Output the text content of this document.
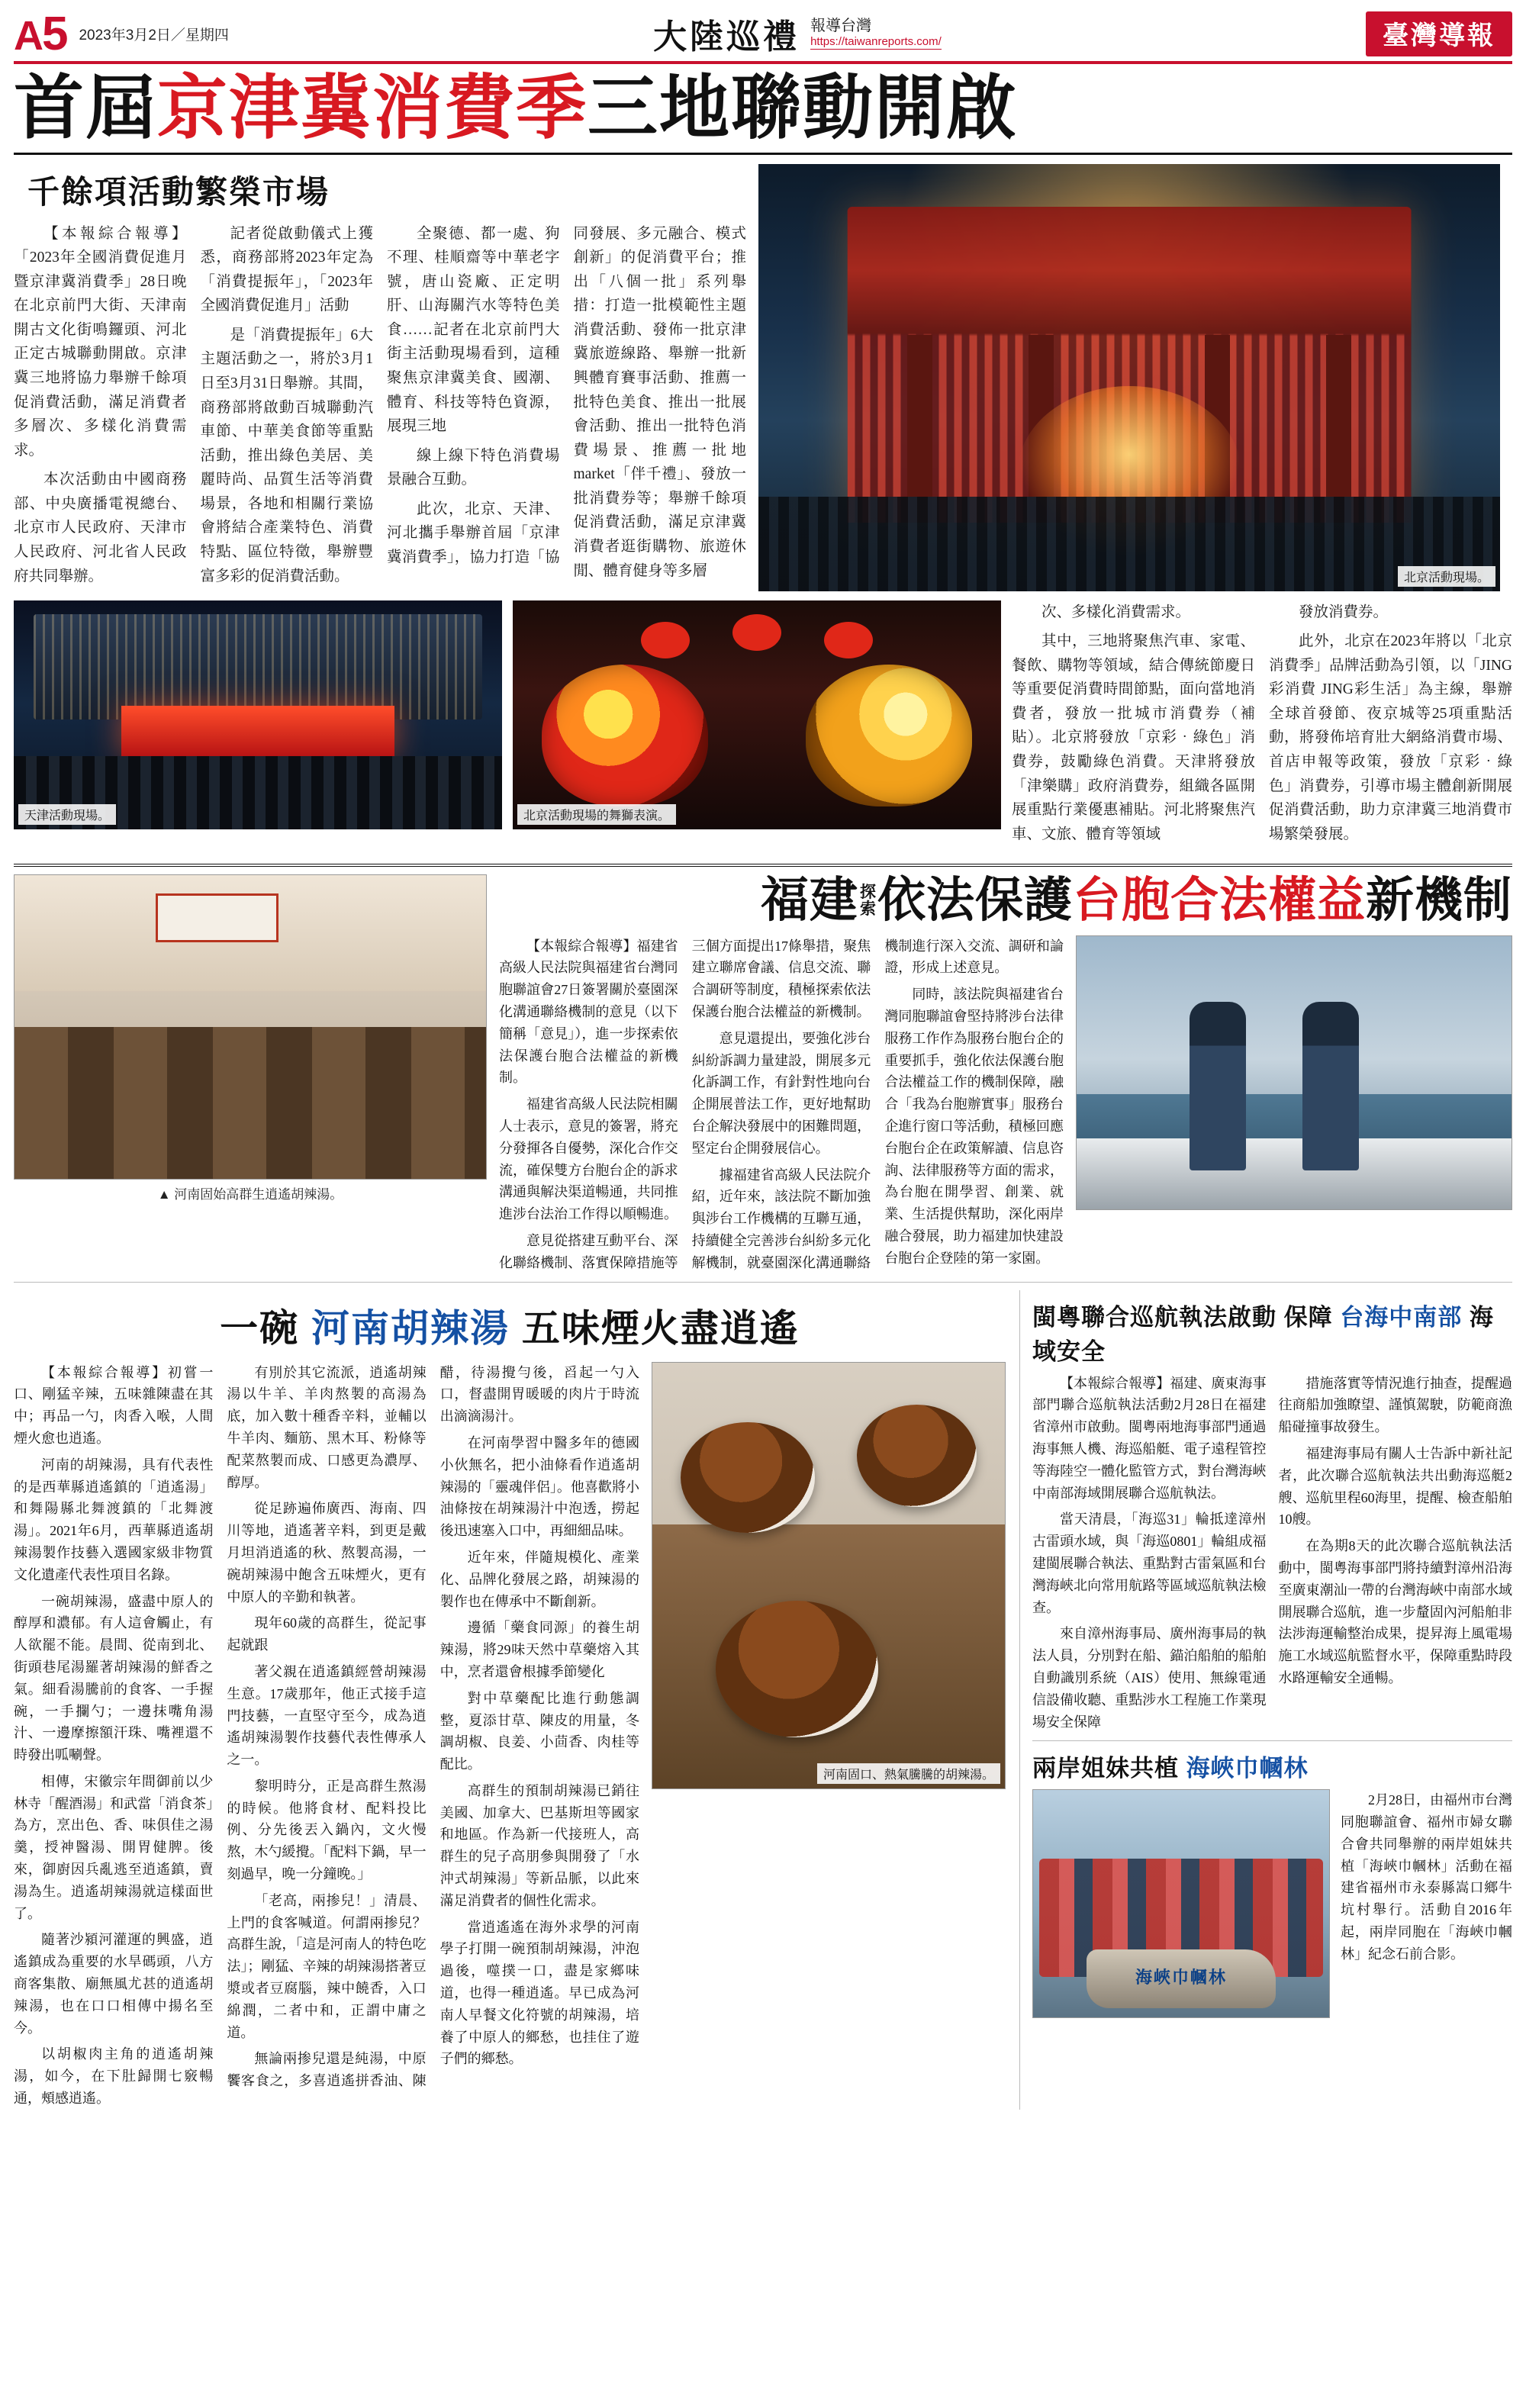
A 5 2023年3月2日／星期四	大陸巡禮 報導台灣
https://taiwanreports.com/	臺灣導報
首屆 京津冀消費季 三地聯動開啟
千餘項活動繁榮市場

【本報綜合報導】「2023年全國消費促進月暨京津冀消費季」28日晚在北京前門大街、天津南開古文化街鳴鑼頭、河北正定古城聯動開啟。京津冀三地將協力舉辦千餘項促消費活動，滿足消費者多層次、多樣化消費需求。

本次活動由中國商務部、中央廣播電視總台、北京市人民政府、天津市人民政府、河北省人民政府共同舉辦。

記者從啟動儀式上獲悉，商務部將2023年定為「消費提振年」，「2023年全國消費促進月」活動

是「消費提振年」6大主題活動之一，將於3月1日至3月31日舉辦。其間，商務部將啟動百城聯動汽車節、中華美食節等重點活動，推出綠色美居、美麗時尚、品質生活等消費場景，各地和相關行業協會將結合產業特色、消費特點、區位特徵，舉辦豐富多彩的促消費活動。

全聚德、都一處、狗不理、桂順齋等中華老字號，唐山瓷廠、正定明肝、山海關汽水等特色美食……記者在北京前門大街主活動現場看到，這種聚焦京津冀美食、國潮、體育、科技等特色資源，展現三地

線上線下特色消費場景融合互動。

此次，北京、天津、河北攜手舉辦首屆「京津冀消費季」，協力打造「協同發展、多元融合、模式創新」的促消費平台；推出「八個一批」系列舉措：打造一批模範性主題消費活動、發佈一批京津冀旅遊線路、舉辦一批新興體育賽事活動、推薦一批特色美食、推出一批展會活動、推出一批特色消費場景、推薦一批地market「伴千禮」、發放一批消費券等；舉辦千餘項促消費活動，滿足京津冀消費者逛街購物、旅遊休閒、體育健身等多層	北京活動現場。
天津活動現場。	北京活動現場的舞獅表演。

次、多樣化消費需求。

其中，三地將聚焦汽車、家電、餐飲、購物等領域，結合傳統節慶日等重要促消費時間節點，面向當地消費者，發放一批城市消費券（補貼）。北京將發放「京彩‧綠色」消費券，鼓勵綠色消費。天津將發放「津樂購」政府消費券，組織各區開展重點行業優惠補貼。河北將聚焦汽車、文旅、體育等領域

發放消費券。

此外，北京在2023年將以「北京消費季」品牌活動為引領，以「JING彩消費 JING彩生活」為主線，舉辦全球首發節、夜京城等25項重點活動，將發佈培育壯大網絡消費市場、首店申報等政策，發放「京彩‧綠色」消費券，引導市場主體創新開展促消費活動，助力京津冀三地消費市場繁榮發展。

▲ 河南固始高群生逍遙胡辣湯。
福建 探
索 依法保護 台胞合法權益 新機制

【本報綜合報導】福建省高級人民法院與福建省台灣同胞聯誼會27日簽署關於臺園深化溝通聯絡機制的意見（以下簡稱「意見」），進一步探索依法保護台胞合法權益的新機制。

福建省高級人民法院相關人士表示，意見的簽署，將充分發揮各自優勢，深化合作交流，確保雙方台胞台企的訴求溝通與解決渠道暢通，共同推進涉台法治工作得以順暢進。

意見從搭建互動平台、深化聯絡機制、落實保障措施等三個方面提出17條舉措，聚焦建立聯席會議、信息交流、聯合調研等制度，積極探索依法保護台胞合法權益的新機制。

意見還提出，要強化涉台糾紛訴調力量建設，開展多元化訴調工作，有針對性地向台企開展普法工作，更好地幫助台企解決發展中的困難問題，堅定台企開發展信心。

據福建省高級人民法院介紹，近年來，該法院不斷加強與涉台工作機構的互聯互通，持續健全完善涉台糾紛多元化解機制，就臺園深化溝通聯絡機制進行深入交流、調研和論證，形成上述意見。

同時，該法院與福建省台灣同胞聯誼會堅持將涉台法律服務工作作為服務台胞台企的重要抓手，強化依法保護台胞合法權益工作的機制保障，融合「我為台胞辦實事」服務台企進行窗口等活動，積極回應台胞台企在政策解讀、信息咨詢、法律服務等方面的需求，為台胞在開學習、創業、就業、生活提供幫助，深化兩岸融合發展，助力福建加快建設台胞台企登陸的第一家園。

一碗 河南胡辣湯 五味煙火盡逍遙

【本報綜合報導】初嘗一口、剛猛辛辣，五味雜陳盡在其中；再品一勺，肉香入喉，人間煙火愈也逍遙。

河南的胡辣湯，具有代表性的是西華縣逍遙鎮的「逍遙湯」和舞陽縣北舞渡鎮的「北舞渡湯」。2021年6月，西華縣逍遙胡辣湯製作技藝入選國家級非物質文化遺產代表性項目名錄。

一碗胡辣湯，盛盡中原人的醇厚和濃郁。有人這會觸止，有人欲罷不能。晨間、從南到北、街頭巷尾湯羅著胡辣湯的鮮香之氣。細看湯騰前的食客、一手握碗，一手攔勺；一邊抹嘴角湯汁、一邊摩擦額汗珠、嘴裡還不時發出呱唰聲。

相傳，宋徽宗年間御前以少林寺「醒酒湯」和武當「消食茶」為方，烹出色、香、味俱佳之湯羹，授神醫湯、開胃健脾。後來，御廚因兵亂逃至逍遙鎮，賣湯為生。逍遙胡辣湯就這樣面世了。

隨著沙潁河灌運的興盛，逍遙鎮成為重要的水旱碼頭，八方商客集散、廟無風尤甚的逍遙胡辣湯，也在口口相傳中揚名至今。

以胡椒肉主角的逍遙胡辣湯，如今，在下肚歸開七竅暢通，頰感逍遙。

有別於其它流派，逍遙胡辣湯以牛羊、羊肉熬製的高湯為底，加入數十種香辛料，並輔以牛羊肉、麵筋、黑木耳、粉條等配菜熬製而成、口感更為濃厚、醇厚。

從足跡遍佈廣西、海南、四川等地，逍遙著辛料，到更是戴月坦消逍遙的秋、熬製高湯，一碗胡辣湯中飽含五味煙火，更有中原人的辛勤和執著。

現年60歲的高群生，從記事起就跟

著父親在逍遙鎮經營胡辣湯生意。17歲那年，他正式接手這門技藝，一直堅守至今，成為逍遙胡辣湯製作技藝代表性傳承人之一。

黎明時分，正是高群生熬湯的時候。他將食材、配料投比例、分先後丟入鍋內，文火慢熬，木勺緩攪。「配料下鍋，早一刻過早，晚一分鐘晚。」

「老高，兩掺兒！」清晨、上門的食客喊道。何謂兩掺兒？高群生說，「這是河南人的特色吃法」；剛猛、辛辣的胡辣湯搭著豆漿或者豆腐腦，辣中饒香，入口綿潤，二者中和，正謂中庸之道。

無論兩掺兒還是純湯，中原饗客食之，多喜逍遙拼香油、陳醋，待湯攪勻後，舀起一勺入口，督盡開胃暖暖的肉片于時流出滴滴湯汁。

在河南學習中醫多年的德國小伙無名，把小油條看作逍遙胡辣湯的「靈魂伴侶」。他喜歡將小油條按在胡辣湯汁中泡透，撈起後迅速塞入口中，再細細品味。

近年來，伴隨規模化、產業化、品牌化發展之路，胡辣湯的製作也在傳承中不斷創新。

邊循「藥食同源」的養生胡辣湯，將29味天然中草藥熔入其中，烹者還會根據季節變化

對中草藥配比進行動態調整，夏添甘草、陳皮的用量，冬調胡椒、良姜、小茴香、肉桂等配比。

高群生的預制胡辣湯已銷往美國、加拿大、巴基斯坦等國家和地區。作為新一代接班人，高群生的兒子高朋參與開發了「水沖式胡辣湯」等新品脈，以此來滿足消費者的個性化需求。

當逍遙遙在海外求學的河南學子打開一碗預制胡辣湯，沖泡過後，噬撲一口，盡是家鄉味道，也得一種逍遙。早已成為河南人早餐文化符號的胡辣湯，培養了中原人的鄉愁，也挂住了遊子們的鄉愁。

河南固口、熱氣騰騰的胡辣湯。
閩粵聯合巡航執法啟動 保障 台海中南部 海域安全

【本報綜合報導】福建、廣東海事部門聯合巡航執法活動2月28日在福建省漳州市啟動。閩粵兩地海事部門通過海事無人機、海巡船艇、電子遠程管控等海陸空一體化監管方式，對台灣海峽中南部海域開展聯合巡航執法。

當天清晨，「海巡31」輪抵達漳州古雷頭水域，與「海巡0801」輪組成福建閩展聯合執法、重點對古雷氣區和台灣海峽北向常用航路等區域巡航執法檢查。

來自漳州海事局、廣州海事局的執法人員，分別對在船、錨泊船舶的船舶自動識別系統（AIS）使用、無線電通信設備收聽、重點涉水工程施工作業現場安全保障

措施落實等情況進行抽查，提醒過往商船加強瞭望、謹慎駕駛，防範商漁船碰撞事故發生。

福建海事局有關人士告訴中新社記者，此次聯合巡航執法共出動海巡艇2艘、巡航里程60海里，提醒、檢查船舶10艘。

在為期8天的此次聯合巡航執法活動中，閩粵海事部門將持續對漳州沿海至廣東潮汕一帶的台灣海峽中南部水域開展聯合巡航，進一步釐固內河船舶非法涉海運輸整治成果，提昇海上風電場施工水域巡航監督水平，保障重點時段水路運輸安全通暢。

兩岸姐妹共植 海峽巾幗林
海峽巾幗林

2月28日，由福州市台灣同胞聯誼會、福州市婦女聯合會共同舉辦的兩岸姐妹共植「海峽巾幗林」活動在福建省福州市永泰縣嵩口鄉牛坑村舉行。活動自2016年起，兩岸同胞在「海峽巾幗林」紀念石前合影。
